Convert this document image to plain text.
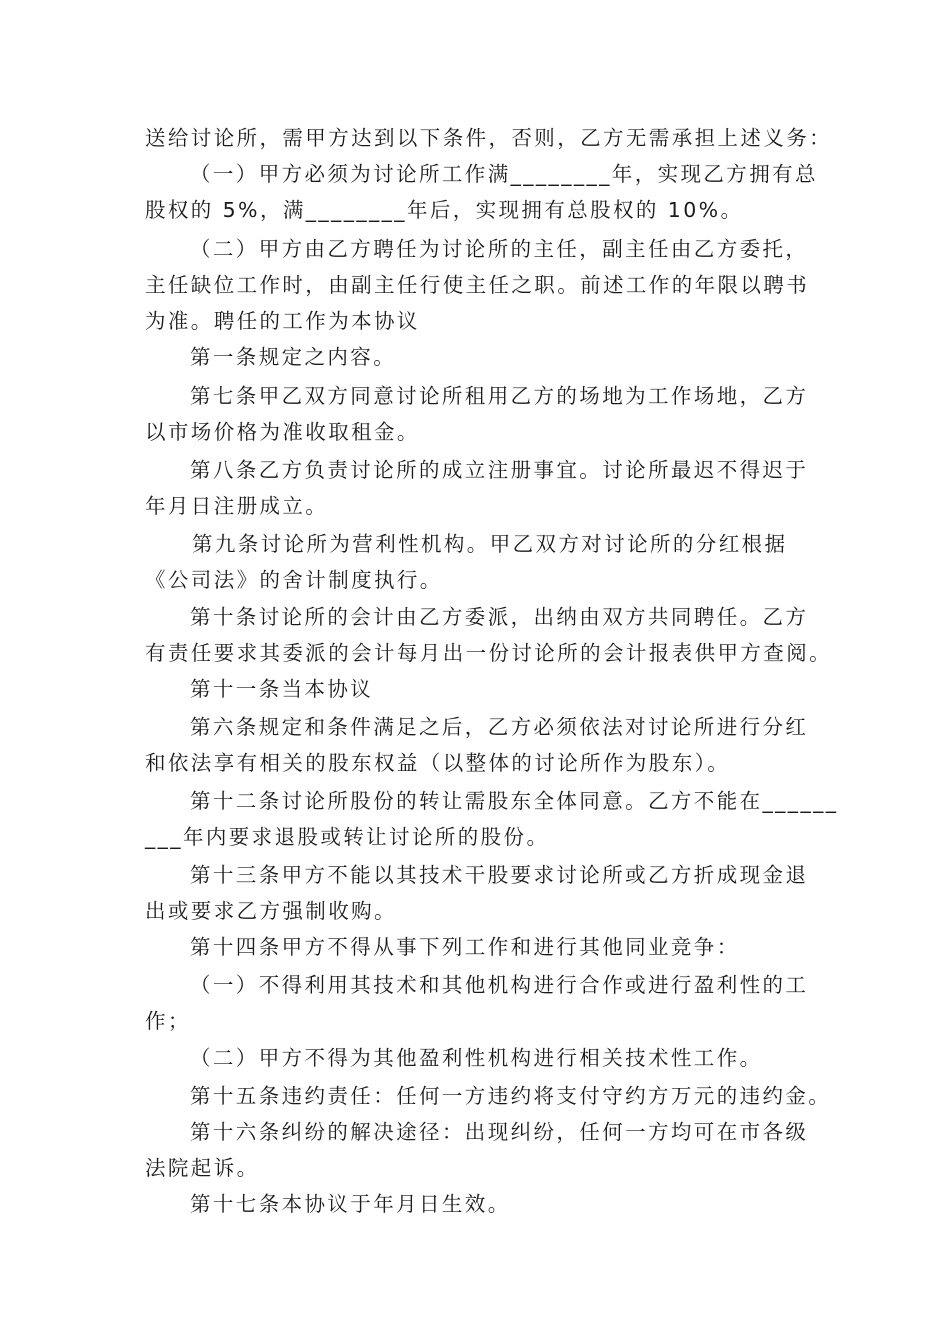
送给讨论所，需甲方达到以下条件，否则，乙方无需承担上述义务：
（一）甲方必须为讨论所工作满________年，实现乙方拥有总
股权的 5%，满________年后，实现拥有总股权的 10%。
（二）甲方由乙方聘任为讨论所的主任，副主任由乙方委托，
主任缺位工作时，由副主任行使主任之职。前述工作的年限以聘书
为准。聘任的工作为本协议
第一条规定之内容。
第七条甲乙双方同意讨论所租用乙方的场地为工作场地，乙方
以市场价格为准收取租金。
第八条乙方负责讨论所的成立注册事宜。讨论所最迟不得迟于
年月日注册成立。
第九条讨论所为营利性机构。甲乙双方对讨论所的分红根据
《公司法》的舍计制度执行。
第十条讨论所的会计由乙方委派，出纳由双方共同聘任。乙方
有责任要求其委派的会计每月出一份讨论所的会计报表供甲方查阅。
第十一条当本协议
第六条规定和条件满足之后，乙方必须依法对讨论所进行分红
和依法享有相关的股东权益（以整体的讨论所作为股东）。
第十二条讨论所股份的转让需股东全体同意。乙方不能在______
___年内要求退股或转让讨论所的股份。
第十三条甲方不能以其技术干股要求讨论所或乙方折成现金退
出或要求乙方强制收购。
第十四条甲方不得从事下列工作和进行其他同业竞争：
（一）不得利用其技术和其他机构进行合作或进行盈利性的工
作；
（二）甲方不得为其他盈利性机构进行相关技术性工作。
第十五条违约责任：任何一方违约将支付守约方万元的违约金。
第十六条纠纷的解决途径：出现纠纷，任何一方均可在市各级
法院起诉。
第十七条本协议于年月日生效。
